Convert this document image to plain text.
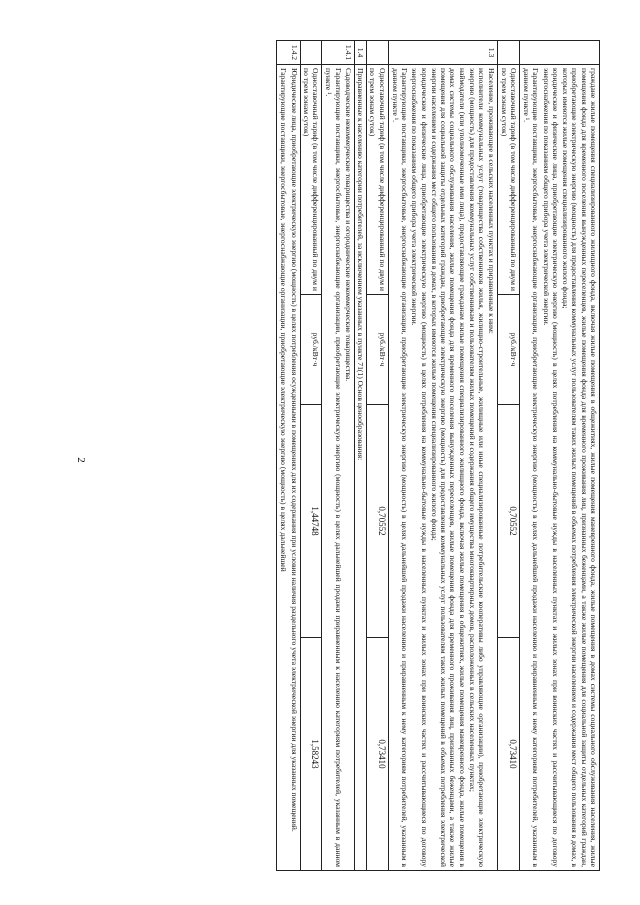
2

	граждане жилые помещения специализированного жилищного фонда, включая жилые помещения в общежитиях, жилые помещения маневренного фонда, жилые помещения в домах системы социального обслуживания населения, жилые помещения фонда для временного поселения вынужденных переселенцев, жилые помещения фонда для временного проживания лиц, признанных беженцами, а также жилые помещения для социальной защиты отдельных категорий граждан, приобретающие электрическую энергию (мощность) для предоставления коммунальных услуг пользователям таких жилых помещений в объемах потребления электрической энергии населением и содержания мест общего пользования в домах, в которых имеются жилые помещения специализированного жилого фонда;

юридические и физические лица, приобретающие электрическую энергию (мощность) в целях потребления на коммунально-бытовые нужды в населенных пунктах и жилых зонах при воинских частях и рассчитывающиеся по договору энергоснабжения по показаниям общего прибора учета электрической энергии.

Гарантирующие поставщики, энергосбытовые, энергоснабжающие организации, приобретающие электрическую энергию (мощность) в целях дальнейшей продажи населению и приравненным к нему категориям потребителей, указанным в данном пункте ¹.			

	Одноставочный тариф (в том числе дифференцированный по двум и по трем зонам суток)	руб./кВт·ч	0,70552	0,73410
1.3	Население, проживающее в сельских населенных пунктах и приравненные к ним:

исполнители коммунальных услуг (товарищества собственников жилья, жилищно-строительные, жилищные или иные специализированные потребительские кооперативы либо управляющие организации), приобретающие электрическую энергию (мощность) для предоставления коммунальных услуг собственникам и пользователям жилых помещений и содержания общего имущества многоквартирных домов, расположенных в сельских населенных пунктах;

наймодатели (или уполномоченные ими лица), предоставляющие гражданам жилые помещения специализированного жилищного фонда, включая жилые помещения в общежитиях, жилые помещения маневренного фонда, жилые помещения в домах системы социального обслуживания населения, жилые помещения фонда для временного поселения вынужденных переселенцев, жилые помещения фонда для временного проживания лиц, признанных беженцами, а также жилые помещения для социальной защиты отдельных категорий граждан, приобретающие электрическую энергию (мощность) для предоставления коммунальных услуг пользователям таких жилых помещений в объемах потребления электрической энергии населением и содержания мест общего пользования в домах, в которых имеются жилые помещения специализированного жилого фонда;

юридические и физические лица, приобретающие электрическую энергию (мощность) в целях потребления на коммунально-бытовые нужды в населенных пунктах и жилых зонах при воинских частях и рассчитывающиеся по договору энергоснабжения по показаниям общего прибора учета электрической энергии.

Гарантирующие поставщики, энергосбытовые, энергоснабжающие организации, приобретающие электрическую энергию (мощность) в целях дальнейшей продажи населению и приравненным к нему категориям потребителей, указанным в данном пункте ¹.			

	Одноставочный тариф (в том числе дифференцированный по двум и по трем зонам суток)	руб./кВт·ч	0,70552	0,73410
1.4	Приравненные к населению категории потребителей, за исключением указанных в пункте 71(1) Основ ценообразования:			
1.4.1	Садоводческие некоммерческие товарищества и огороднические некоммерческие товарищества.

Гарантирующие поставщики, энергосбытовые, энергоснабжающие организации, приобретающие электрическую энергию (мощность) в целях дальнейшей продажи приравненным к населению категориям потребителей, указанным в данном пункте ¹.			

	Одноставочный тариф (в том числе дифференцированный по двум и по трем зонам суток)	руб./кВт·ч	1,44748	1,58243
1.4.2	Юридические лица, приобретающие электрическую энергию (мощность) в целях потребления осужденными в помещениях для их содержания при условии наличия раздельного учета электрической энергии для указанных помещений.

Гарантирующие поставщики, энергосбытовые, энергоснабжающие организации, приобретающие электрическую энергию (мощность) в целях дальнейшей			
